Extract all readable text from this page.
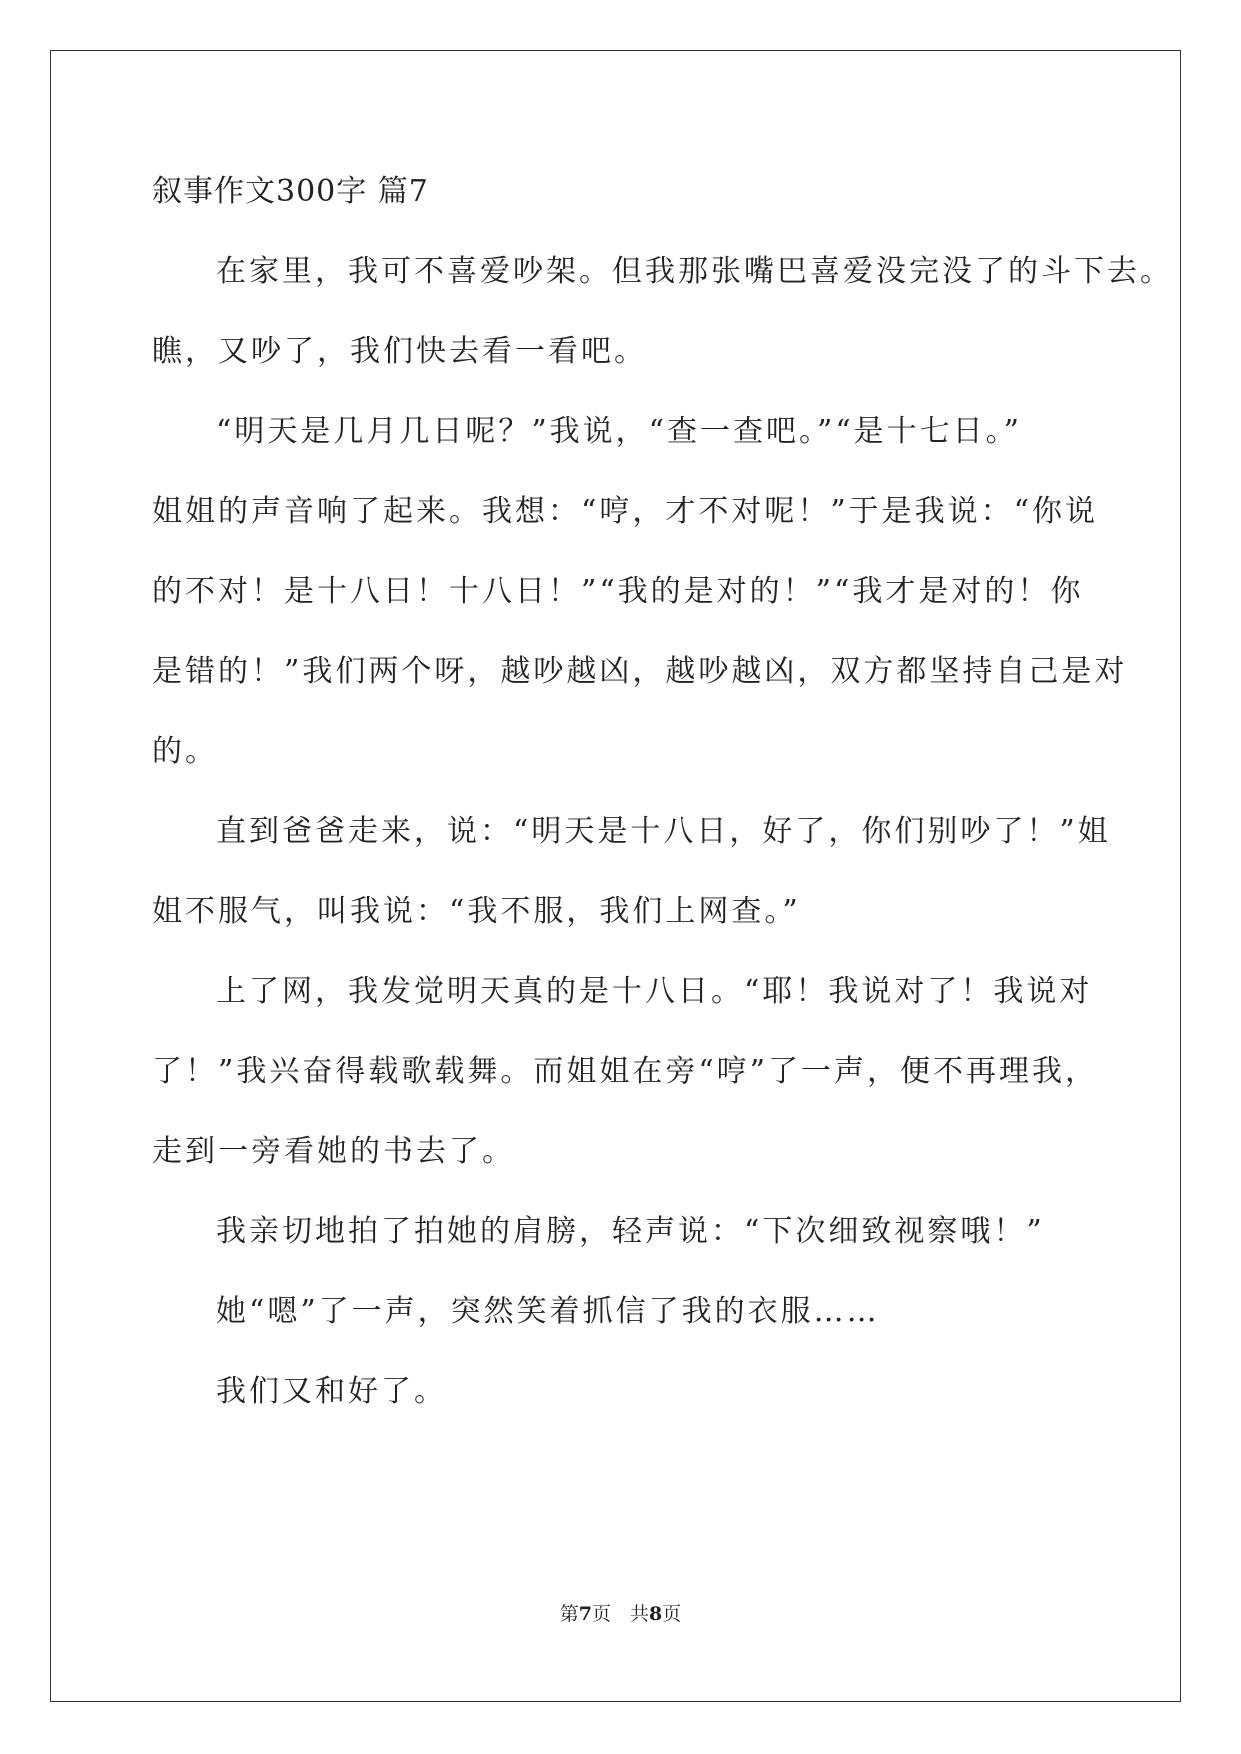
叙事作文300字 篇7
在家里，我可不喜爱吵架。但我那张嘴巴喜爱没完没了的斗下去。
瞧，又吵了，我们快去看一看吧。
“明天是几月几日呢？”我说，“查一查吧。”“是十七日。”
姐姐的声音响了起来。我想：“哼，才不对呢！”于是我说：“你说
的不对！是十八日！十八日！”“我的是对的！”“我才是对的！你
是错的！”我们两个呀，越吵越凶，越吵越凶，双方都坚持自己是对
的。
直到爸爸走来，说：“明天是十八日，好了，你们别吵了！”姐
姐不服气，叫我说：“我不服，我们上网查。”
上了网，我发觉明天真的是十八日。“耶！我说对了！我说对
了！”我兴奋得载歌载舞。而姐姐在旁“哼”了一声，便不再理我，
走到一旁看她的书去了。
我亲切地拍了拍她的肩膀，轻声说：“下次细致视察哦！”
她“嗯”了一声，突然笑着抓信了我的衣服……
我们又和好了。
第7页　共8页
